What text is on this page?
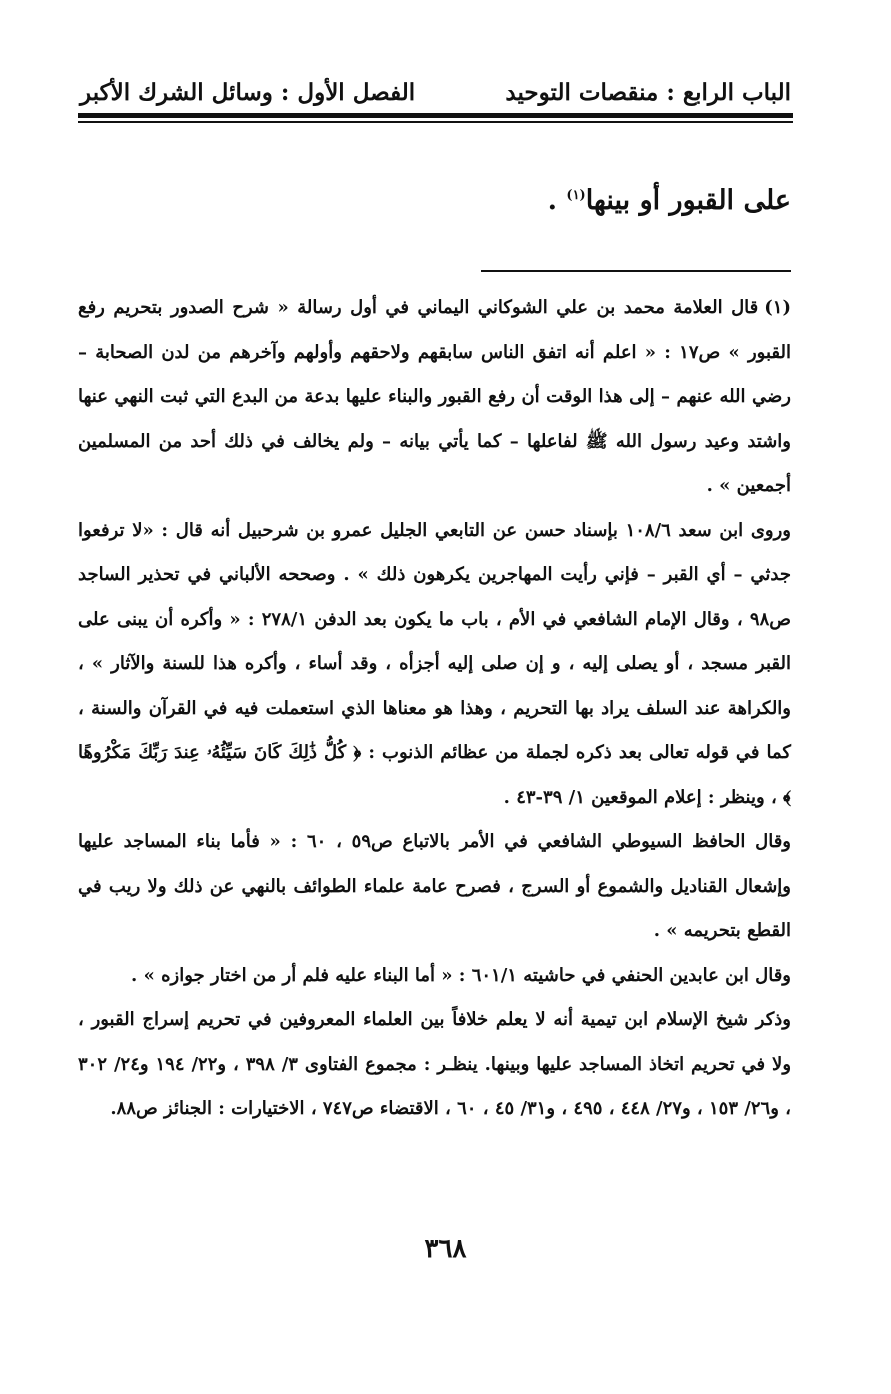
الباب الرابع : منقصات التوحيد
الفصل الأول : وسائل الشرك الأكبر
على القبور أو بينها$^{(١)}$ .

(١)قال العلامة محمد بن علي الشوكاني اليماني في أول رسالة « شرح الصدور بتحريم رفع القبور » ص١٧ : « اعلم أنه اتفق الناس سابقهم ولاحقهم وأولهم وآخرهم من لدن الصحابة – رضي الله عنهم – إلى هذا الوقت أن رفع القبور والبناء عليها بدعة من البدع التي ثبت النهي عنها واشتد وعيد رسول الله ﷺ لفاعلها – كما يأتي بيانه – ولم يخالف في ذلك أحد من المسلمين أجمعين » .

وروى ابن سعد ١٠٨/٦ بإسناد حسن عن التابعي الجليل عمرو بن شرحبيل أنه قال : «لا ترفعوا جدثي – أي القبر – فإني رأيت المهاجرين يكرهون ذلك » . وصححه الألباني في تحذير الساجد ص٩٨ ، وقال الإمام الشافعي في الأم ، باب ما يكون بعد الدفن ٢٧٨/١ : « وأكره أن يبنى على القبر مسجد ، أو يصلى إليه ، و إن صلى إليه أجزأه ، وقد أساء ، وأكره هذا للسنة والآثار » ، والكراهة عند السلف يراد بها التحريم ، وهذا هو معناها الذي استعملت فيه في القرآن والسنة ، كما في قوله تعالى بعد ذكره لجملة من عظائم الذنوب : ﴿ كُلُّ ذَٰلِكَ كَانَ سَيِّئُهُۥ عِندَ رَبِّكَ مَكْرُوهًا ﴾ ، وينظر : إعلام الموقعين ١/ ٣٩-٤٣ .

وقال الحافظ السيوطي الشافعي في الأمر بالاتباع ص٥٩ ، ٦٠ : « فأما بناء المساجد عليها وإشعال القناديل والشموع أو السرج ، فصرح عامة علماء الطوائف بالنهي عن ذلك ولا ريب في القطع بتحريمه » .

وقال ابن عابدين الحنفي في حاشيته ٦٠١/١ : « أما البناء عليه فلم أر من اختار جوازه » .

وذكر شيخ الإسلام ابن تيمية أنه لا يعلم خلافاً بين العلماء المعروفين في تحريم إسراج القبور ، ولا في تحريم اتخاذ المساجد عليها وبينها. ينظـر : مجموع الفتاوى ٣/ ٣٩٨ ، و٢٢/ ١٩٤ و٢٤/ ٣٠٢ ، و٢٦/ ١٥٣ ، و٢٧/ ٤٤٨ ، ٤٩٥ ، و٣١/ ٤٥ ، ٦٠ ، الاقتضاء ص٧٤٧ ، الاختيارات : الجنائز ص٨٨.

٣٦٨
